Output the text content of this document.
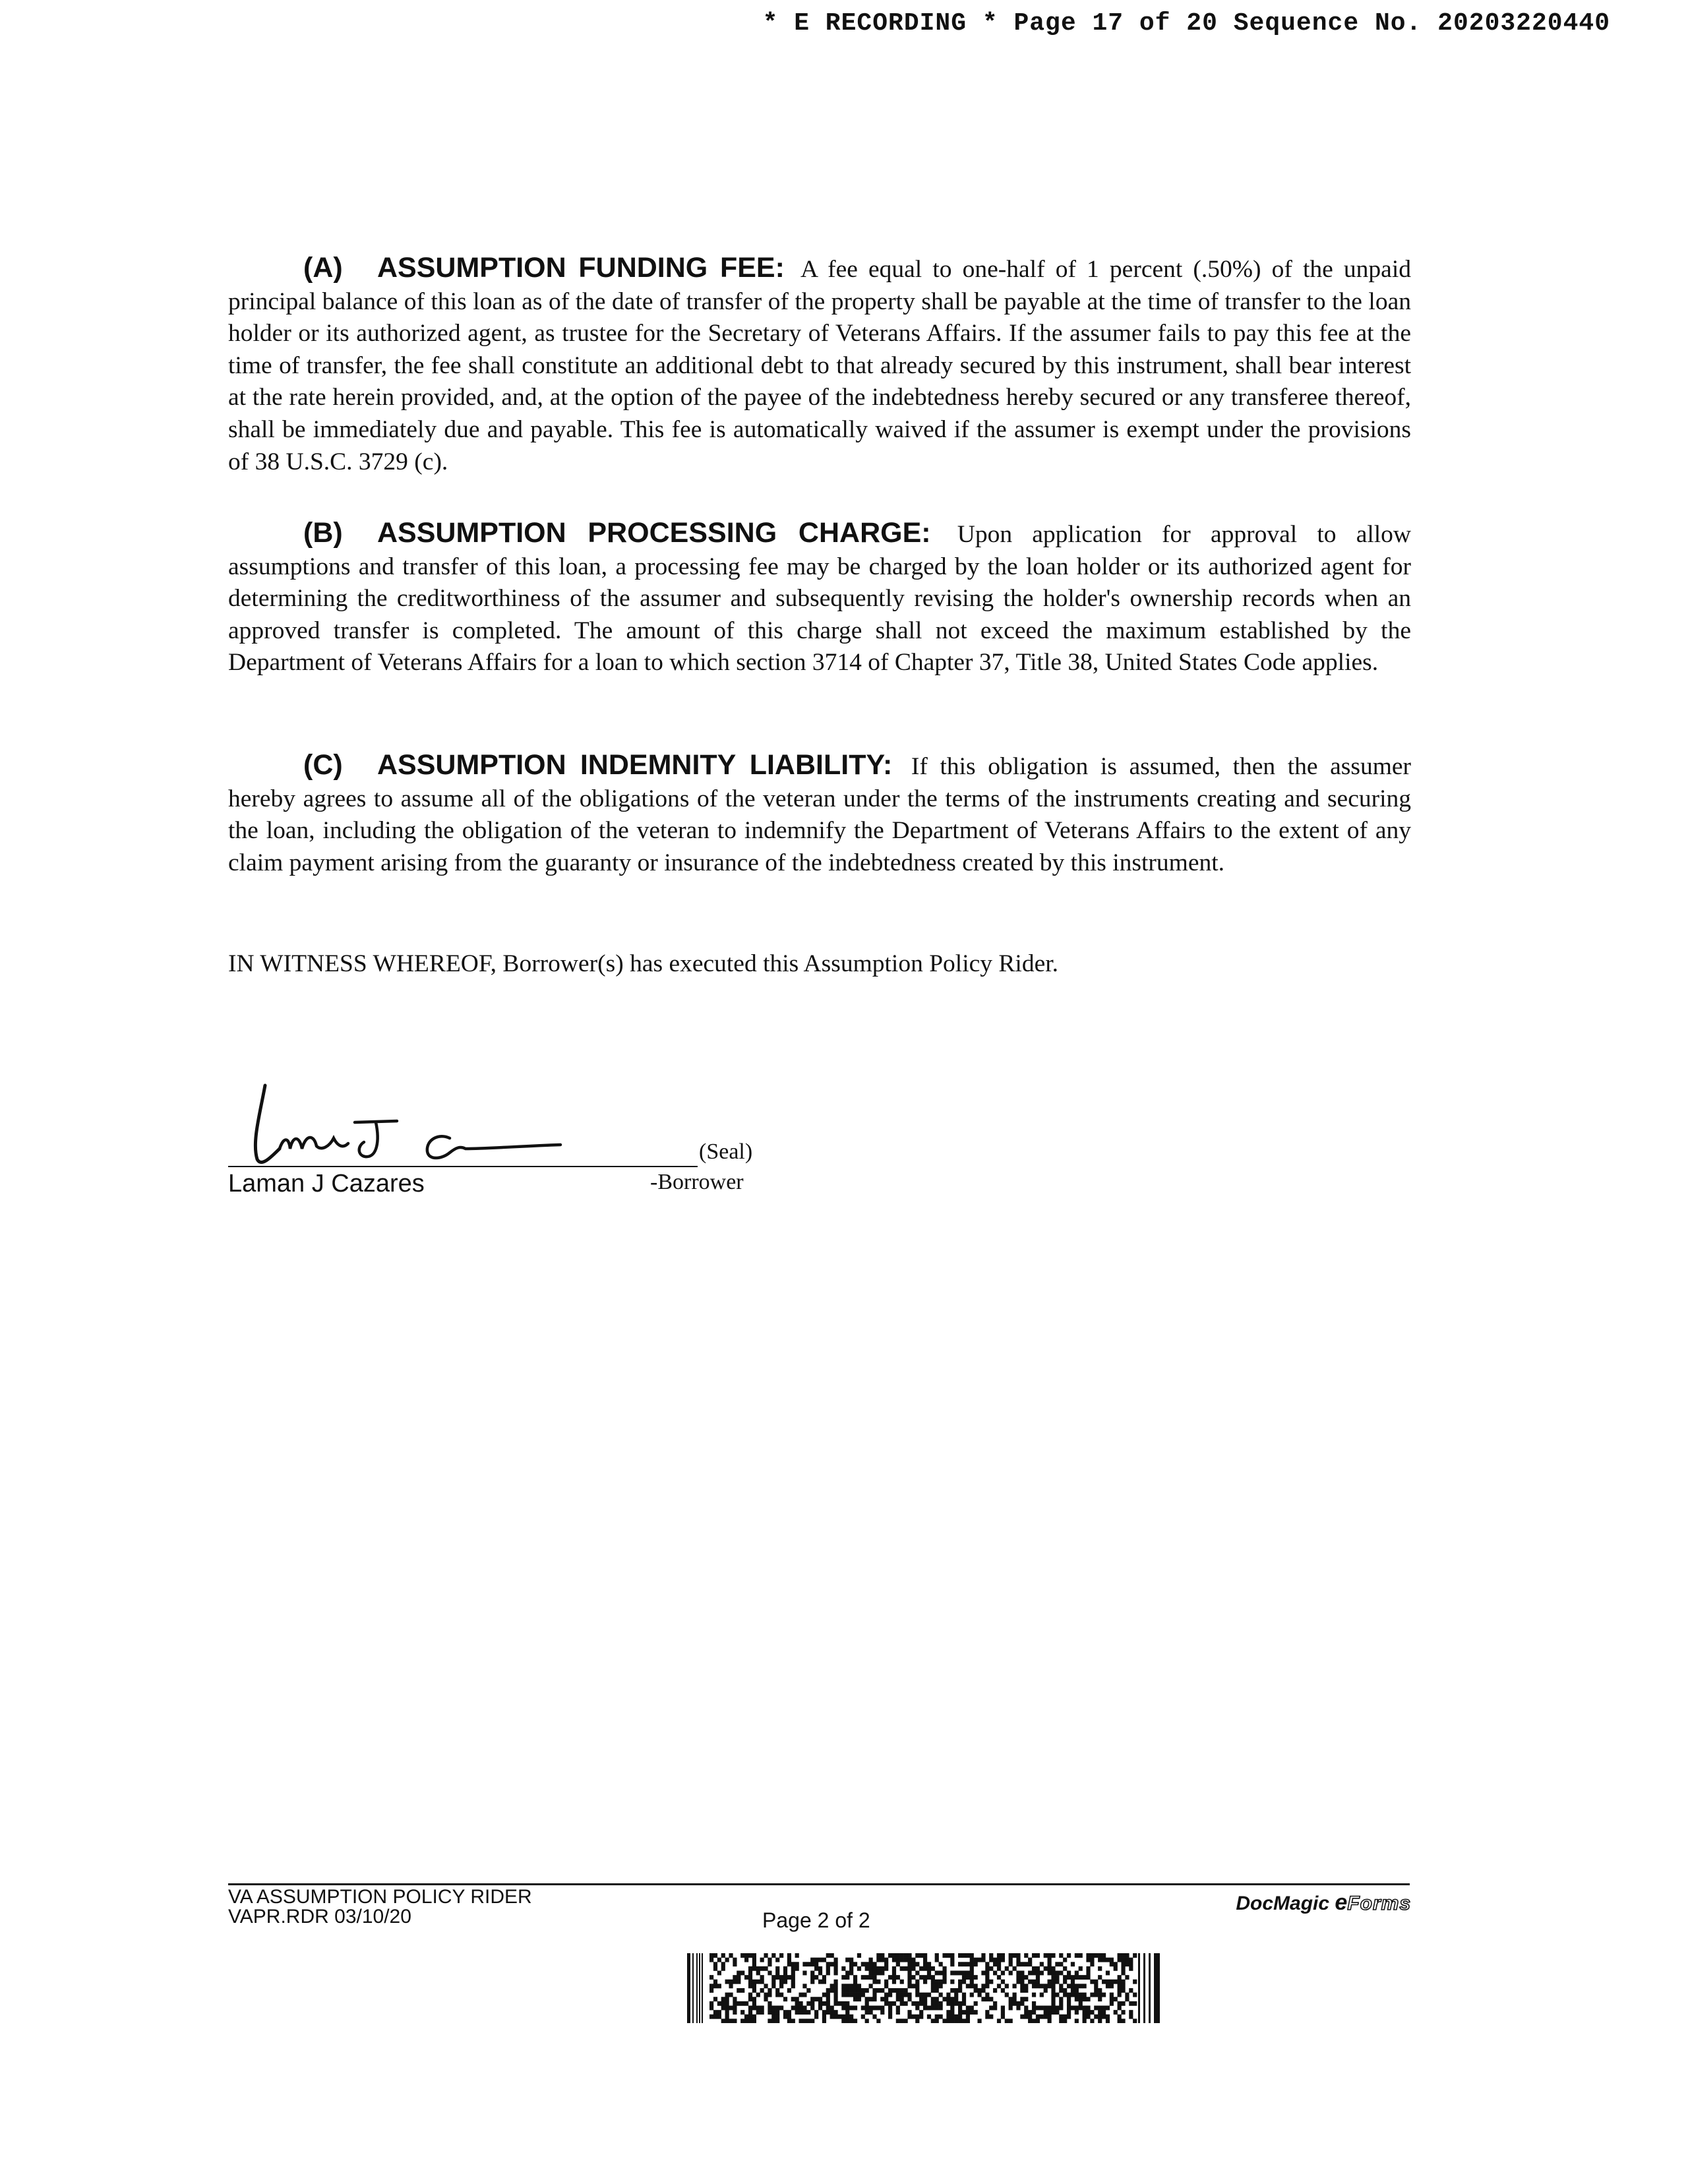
* E RECORDING * Page 17 of 20 Sequence No. 20203220440
(A) ASSUMPTION FUNDING FEE: A fee equal to one-half of 1 percent (.50%) of the unpaid principal balance of this loan as of the date of transfer of the property shall be payable at the time of transfer to the loan holder or its authorized agent, as trustee for the Secretary of Veterans Affairs. If the assumer fails to pay this fee at the time of transfer, the fee shall constitute an additional debt to that already secured by this instrument, shall bear interest at the rate herein provided, and, at the option of the payee of the indebtedness hereby secured or any transferee thereof, shall be immediately due and payable. This fee is automatically waived if the assumer is exempt under the provisions of 38 U.S.C. 3729 (c).
(B) ASSUMPTION PROCESSING CHARGE: Upon application for approval to allow assumptions and transfer of this loan, a processing fee may be charged by the loan holder or its authorized agent for determining the creditworthiness of the assumer and subsequently revising the holder's ownership records when an approved transfer is completed. The amount of this charge shall not exceed the maximum established by the Department of Veterans Affairs for a loan to which section 3714 of Chapter 37, Title 38, United States Code applies.
(C) ASSUMPTION INDEMNITY LIABILITY: If this obligation is assumed, then the assumer hereby agrees to assume all of the obligations of the veteran under the terms of the instruments creating and securing the loan, including the obligation of the veteran to indemnify the Department of Veterans Affairs to the extent of any claim payment arising from the guaranty or insurance of the indebtedness created by this instrument.
IN WITNESS WHEREOF, Borrower(s) has executed this Assumption Policy Rider.
(Seal)
Laman J Cazares	-Borrower
VA ASSUMPTION POLICY RIDER
VAPR.RDR 03/10/20	Page 2 of 2
DocMagic eForms
